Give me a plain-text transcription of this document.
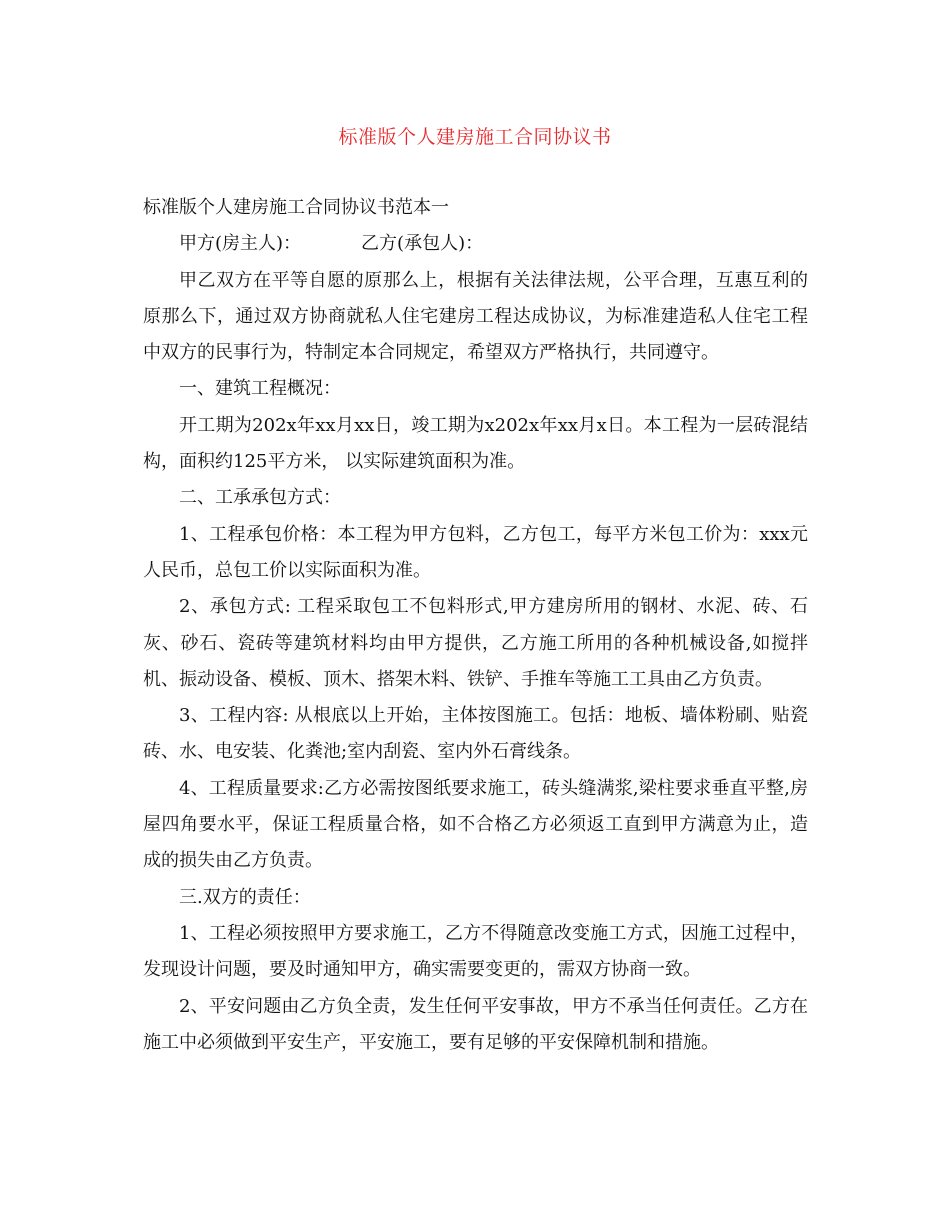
标准版个人建房施工合同协议书

标准版个人建房施工合同协议书范本一

甲方(房主人)：	乙方(承包人)：

甲乙双方在平等自愿的原那么上，根据有关法律法规，公平合理，互惠互利的原那么下，通过双方协商就私人住宅建房工程达成协议，为标准建造私人住宅工程中双方的民事行为，特制定本合同规定，希望双方严格执行，共同遵守。

一、建筑工程概况：

开工期为202x年xx月xx日，竣工期为x202x年xx月x日。本工程为一层砖混结构，面积约125平方米， 以实际建筑面积为准。

二、工承承包方式：

1、工程承包价格：本工程为甲方包料，乙方包工，每平方米包工价为：xxx元人民币，总包工价以实际面积为准。

2、承包方式: 工程采取包工不包料形式,甲方建房所用的钢材、水泥、砖、石灰、砂石、瓷砖等建筑材料均由甲方提供，乙方施工所用的各种机械设备,如搅拌机、振动设备、模板、顶木、搭架木料、铁铲、手推车等施工工具由乙方负责。

3、工程内容: 从根底以上开始，主体按图施工。包括：地板、墙体粉刷、贴瓷砖、水、电安装、化粪池;室内刮瓷、室内外石膏线条。

4、工程质量要求:乙方必需按图纸要求施工，砖头缝满浆,梁柱要求垂直平整,房屋四角要水平，保证工程质量合格，如不合格乙方必须返工直到甲方满意为止，造成的损失由乙方负责。

三.双方的责任：

1、工程必须按照甲方要求施工，乙方不得随意改变施工方式，因施工过程中，发现设计问题，要及时通知甲方，确实需要变更的，需双方协商一致。

2、平安问题由乙方负全责，发生任何平安事故，甲方不承当任何责任。乙方在施工中必须做到平安生产，平安施工，要有足够的平安保障机制和措施。
